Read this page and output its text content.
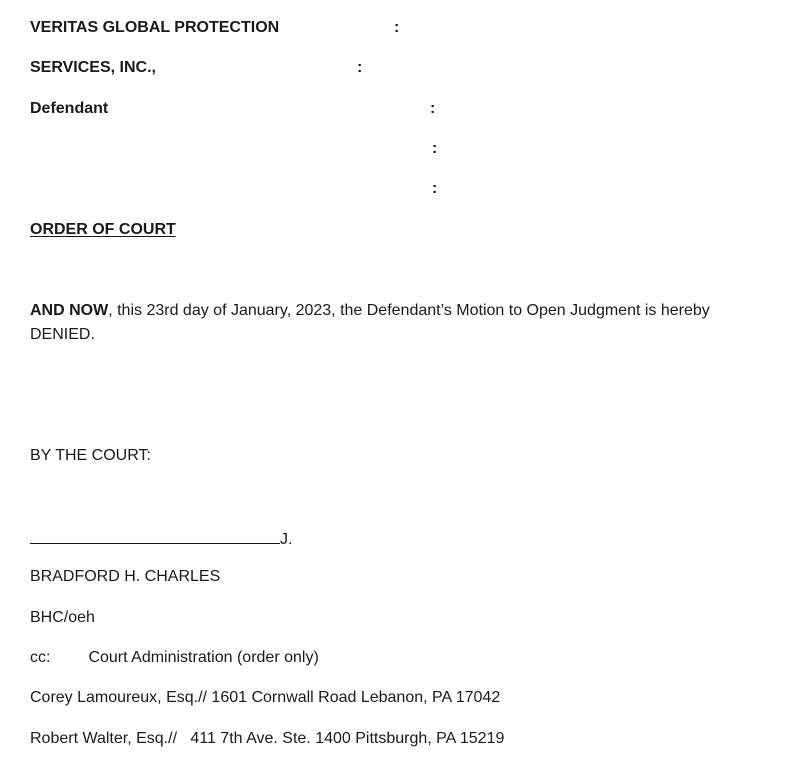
VERITAS GLOBAL PROTECTION	:
SERVICES, INC.,	:
Defendant	:
:
:
ORDER OF COURT
AND NOW, this 23rd day of January, 2023, the Defendant’s Motion to Open Judgment is hereby DENIED.
BY THE COURT:
J.
BRADFORD H. CHARLES
BHC/oeh
cc: Court Administration (order only)
Corey Lamoureux, Esq.// 1601 Cornwall Road Lebanon, PA 17042
Robert Walter, Esq.//   411 7th Ave. Ste. 1400 Pittsburgh, PA 15219
